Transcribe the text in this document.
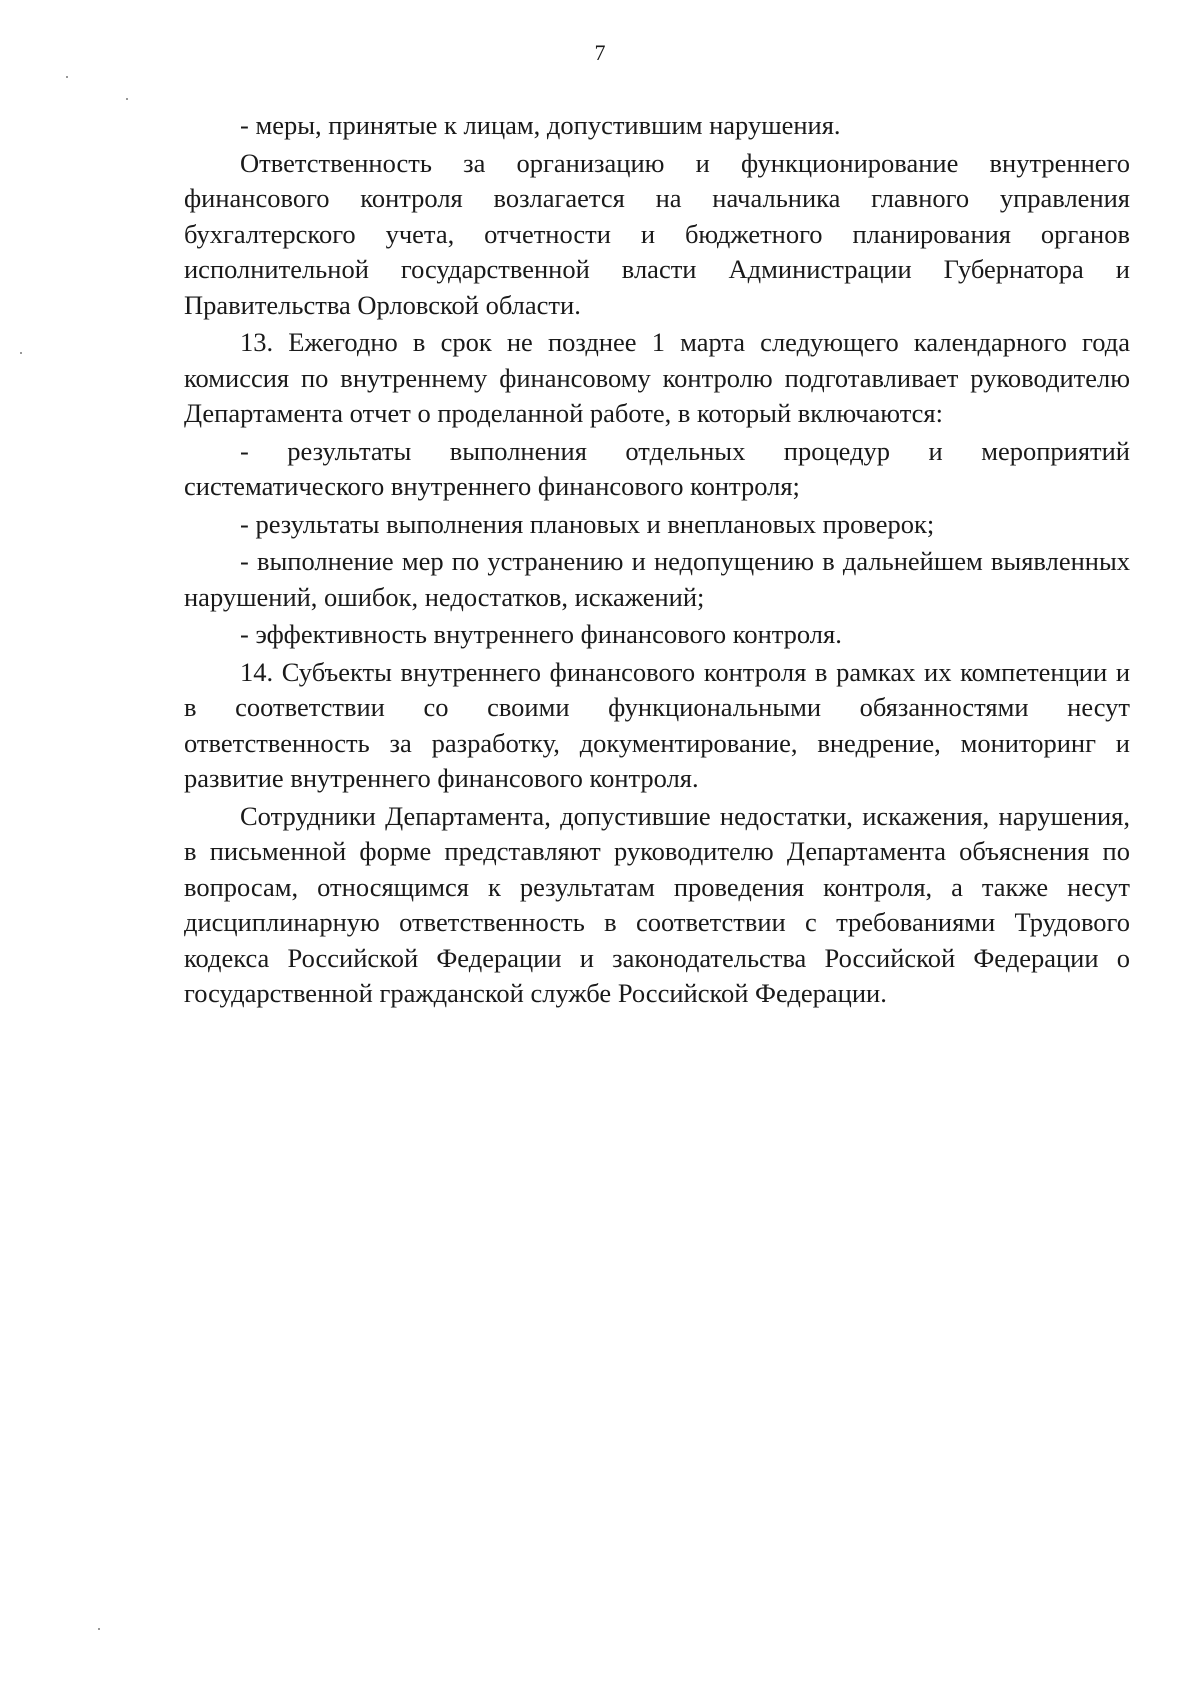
7

- меры, принятые к лицам, допустившим нарушения.

Ответственность за организацию и функционирование внутреннего финансового контроля возлагается на начальника главного управления бухгалтерского учета, отчетности и бюджетного планирования органов исполнительной государственной власти Администрации Губернатора и Правительства Орловской области.

13. Ежегодно в срок не позднее 1 марта следующего календарного года комиссия по внутреннему финансовому контролю подготавливает руководителю Департамента отчет о проделанной работе, в который включаются:

- результаты выполнения отдельных процедур и мероприятий систематического внутреннего финансового контроля;

- результаты выполнения плановых и внеплановых проверок;

- выполнение мер по устранению и недопущению в дальнейшем выявленных нарушений, ошибок, недостатков, искажений;

- эффективность внутреннего финансового контроля.

14. Субъекты внутреннего финансового контроля в рамках их компетенции и в соответствии со своими функциональными обязанностями несут ответственность за разработку, документирование, внедрение, мониторинг и развитие внутреннего финансового контроля.

Сотрудники Департамента, допустившие недостатки, искажения, нарушения, в письменной форме представляют руководителю Департамента объяснения по вопросам, относящимся к результатам проведения контроля, а также несут дисциплинарную ответственность в соответствии с требованиями Трудового кодекса Российской Федерации и законодательства Российской Федерации о государственной гражданской службе Российской Федерации.
